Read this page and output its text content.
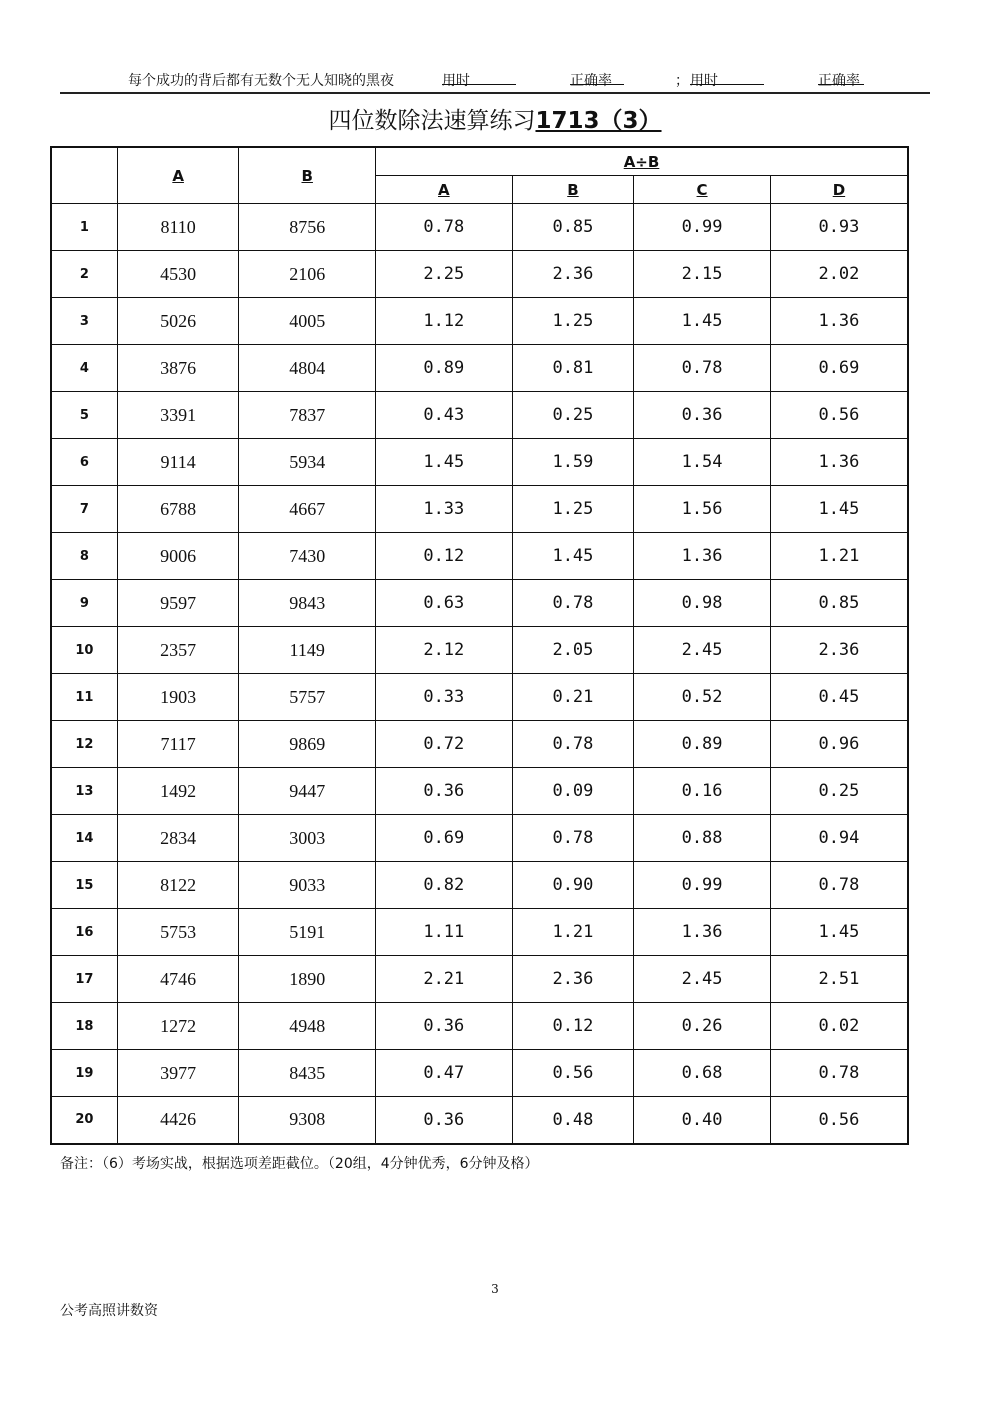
每个成功的背后都有无数个无人知晓的黑夜	用时	正确率	； 用时	正确率
四位数除法速算练习1713（3）
	A	B	A÷B			
			A	B	C	D
1	8110	8756	0.78	0.85	0.99	0.93
2	4530	2106	2.25	2.36	2.15	2.02
3	5026	4005	1.12	1.25	1.45	1.36
4	3876	4804	0.89	0.81	0.78	0.69
5	3391	7837	0.43	0.25	0.36	0.56
6	9114	5934	1.45	1.59	1.54	1.36
7	6788	4667	1.33	1.25	1.56	1.45
8	9006	7430	0.12	1.45	1.36	1.21
9	9597	9843	0.63	0.78	0.98	0.85
10	2357	1149	2.12	2.05	2.45	2.36
11	1903	5757	0.33	0.21	0.52	0.45
12	7117	9869	0.72	0.78	0.89	0.96
13	1492	9447	0.36	0.09	0.16	0.25
14	2834	3003	0.69	0.78	0.88	0.94
15	8122	9033	0.82	0.90	0.99	0.78
16	5753	5191	1.11	1.21	1.36	1.45
17	4746	1890	2.21	2.36	2.45	2.51
18	1272	4948	0.36	0.12	0.26	0.02
19	3977	8435	0.47	0.56	0.68	0.78
20	4426	9308	0.36	0.48	0.40	0.56
备注：（6）考场实战，根据选项差距截位。（20组，4分钟优秀，6分钟及格）
3
公考高照讲数资
